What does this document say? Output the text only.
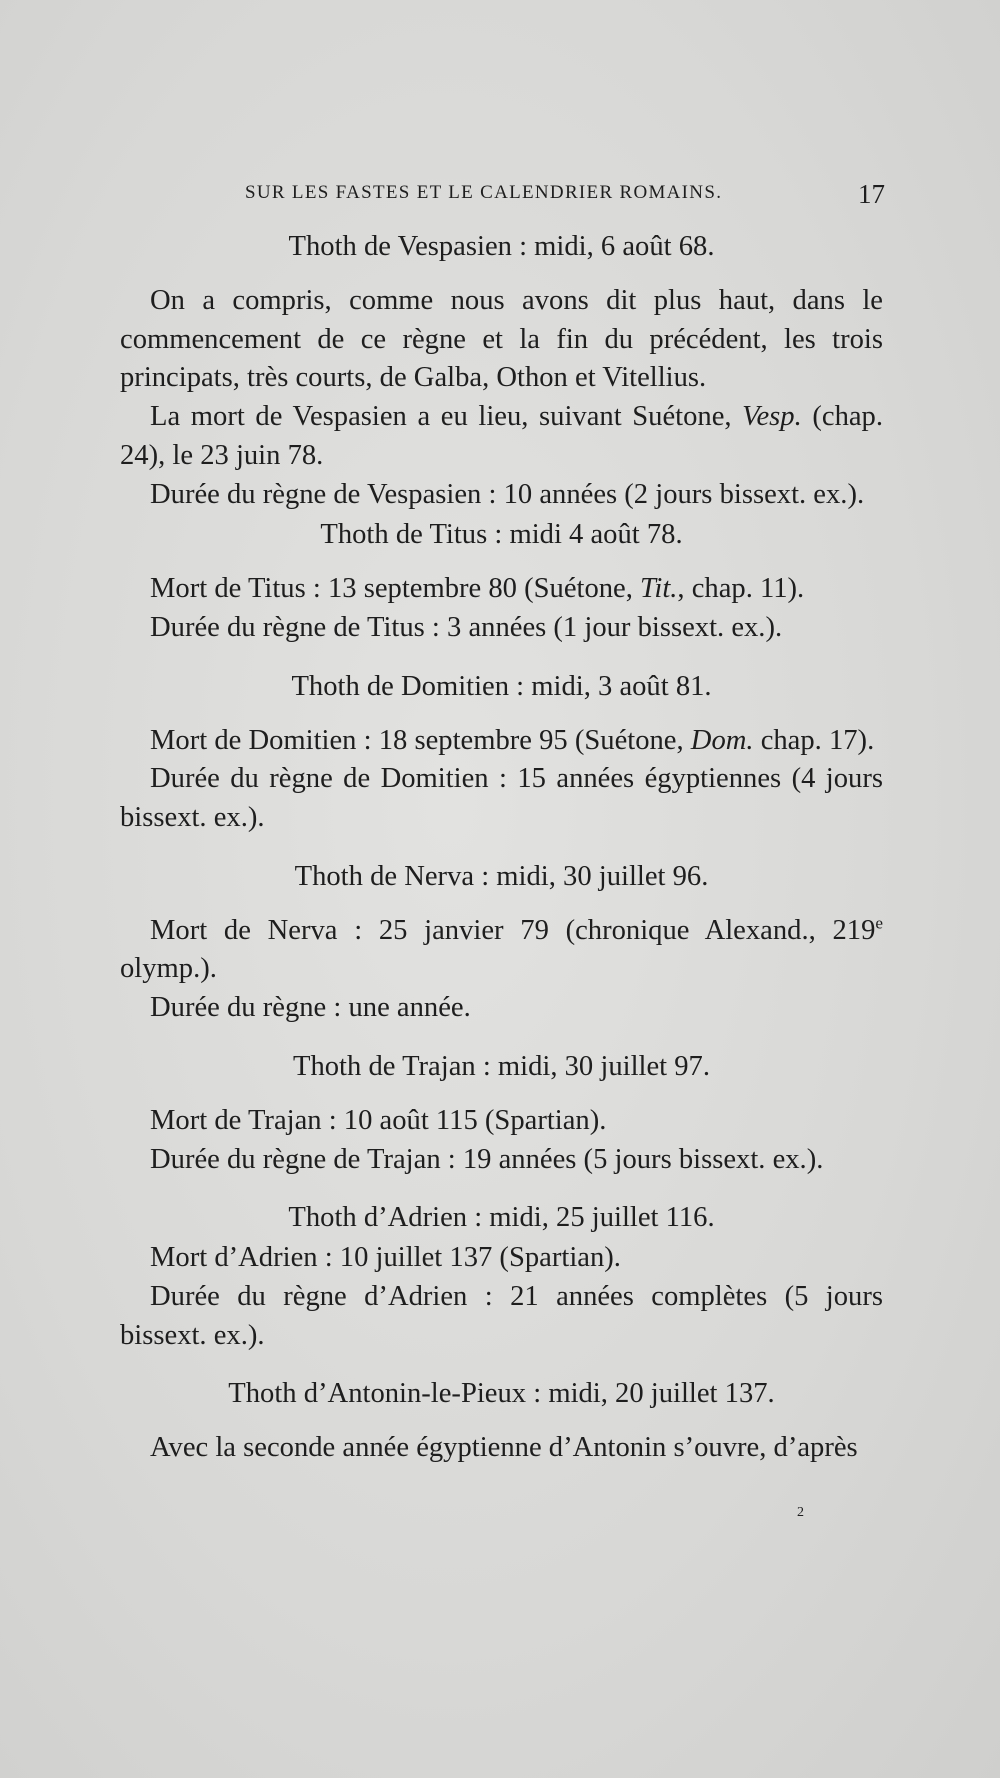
SUR LES FASTES ET LE CALENDRIER ROMAINS.	17

Thoth de Vespasien : midi, 6 août 68.

On a compris, comme nous avons dit plus haut, dans le commencement de ce règne et la fin du précédent, les trois principats, très courts, de Galba, Othon et Vitellius.

La mort de Vespasien a eu lieu, suivant Suétone, Vesp. (chap. 24), le 23 juin 78.

Durée du règne de Vespasien : 10 années (2 jours bissext. ex.).

Thoth de Titus : midi 4 août 78.

Mort de Titus : 13 septembre 80 (Suétone, Tit., chap. 11).

Durée du règne de Titus : 3 années (1 jour bissext. ex.).

Thoth de Domitien : midi, 3 août 81.

Mort de Domitien : 18 septembre 95 (Suétone, Dom. chap. 17).

Durée du règne de Domitien : 15 années égyptiennes (4 jours bissext. ex.).

Thoth de Nerva : midi, 30 juillet 96.

Mort de Nerva : 25 janvier 79 (chronique Alexand., 219e olymp.).

Durée du règne : une année.

Thoth de Trajan : midi, 30 juillet 97.

Mort de Trajan : 10 août 115 (Spartian).

Durée du règne de Trajan : 19 années (5 jours bissext. ex.).

Thoth d’Adrien : midi, 25 juillet 116.

Mort d’Adrien : 10 juillet 137 (Spartian).

Durée du règne d’Adrien : 21 années complètes (5 jours bissext. ex.).

Thoth d’Antonin-le-Pieux : midi, 20 juillet 137.

Avec la seconde année égyptienne d’Antonin s’ouvre, d’après

2
